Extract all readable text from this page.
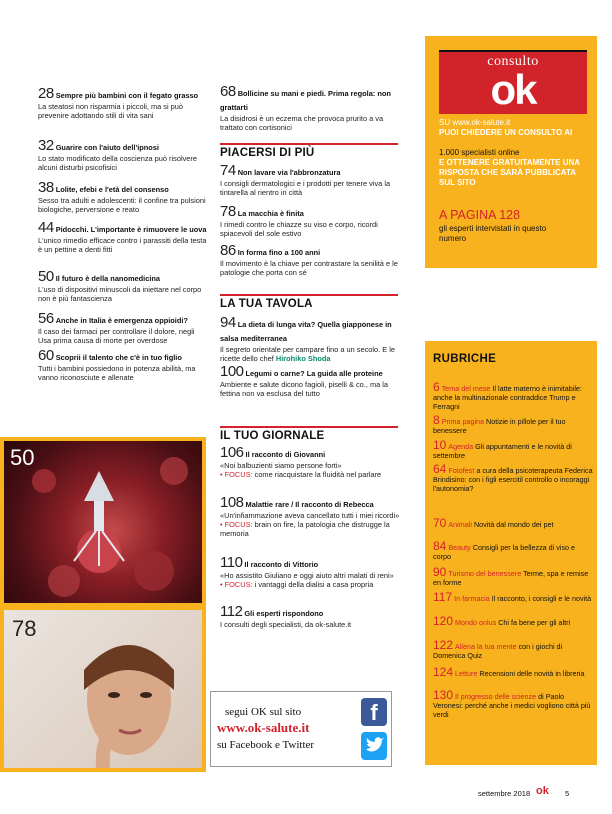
28 Sempre più bambini con il fegato grasso
La steatosi non risparmia i piccoli, ma si può prevenire adottando stili di vita sani
32 Guarire con l'aiuto dell'ipnosi
Lo stato modificato della coscienza può risolvere alcuni disturbi psicofisici
38 Lolite, efebi e l'età del consenso
Sesso tra adulti e adolescenti: il confine tra pulsioni biologiche, perversione e reato
44 Pidocchi. L'importante è rimuovere le uova
L'unico rimedio efficace contro i parassiti della testa è un pettine a denti fitti
50 Il futuro è della nanomedicina
L'uso di dispositivi minuscoli da iniettare nel corpo non è più fantascienza
56 Anche in Italia è emergenza oppioidi?
Il caso dei farmaci per controllare il dolore, negli Usa prima causa di morte per overdose
60 Scoprii il talento che c'è in tuo figlio
Tutti i bambini possiedono in potenza abilità, ma vanno riconosciute e allenate
50
78
68 Bollicine su mani e piedi. Prima regola: non grattarti
La disidrosi è un eczema che provoca prurito a va trattato con cortisonici
PIACERSI DI PIÙ
74 Non lavare via l'abbronzatura
I consigli dermatologici e i prodotti per tenere viva la tintarella al rientro in città
78 La macchia è finita
I rimedi contro le chiazze su viso e corpo, ricordi spiacevoli del sole estivo
86 In forma fino a 100 anni
Il movimento è la chiave per contrastare la senilità e le patologie che porta con sé
LA TUA TAVOLA
94 La dieta di lunga vita? Quella giapponese in salsa mediterranea
Il segreto orientale per campare fino a un secolo. E le ricette dello chef Hirohiko Shoda
100 Legumi o carne? La guida alle proteine
Ambiente e salute dicono fagioli, piselli & co., ma la fettina non va esclusa del tutto
IL TUO GIORNALE
106 Il racconto di Giovanni
«Noi balbuzienti siamo persone forti»
• FOCUS: come riacquistare la fluidità nel parlare
108 Malattie rare / Il racconto di Rebecca
«Un'infiammazione aveva cancellato tutti i miei ricordi»
• FOCUS: brain on fire, la patologia che distrugge la memoria
110 Il racconto di Vittorio
«Ho assistito Giuliano e oggi aiuto altri malati di reni»
• FOCUS: i vantaggi della dialisi a casa propria
112 Gli esperti rispondono
I consulti degli specialisti, da ok-salute.it
segui OK sul sito
www.ok-salute.it
su Facebook e Twitter
f
consulto
ok
SU www.ok-salute.it
PUOI CHIEDERE UN CONSULTO AI
1.000 specialisti online
E OTTENERE GRATUITAMENTE UNA RISPOSTA CHE SARÀ PUBBLICATA SUL SITO
A PAGINA 128
gli esperti intervistati in questo numero
RUBRICHE
6 Tema del mese Il latte materno è inimitabile: anche la multinazionale contraddice Trump e Ferragni
8 Prima pagina Notizie in pillole per il tuo benessere
10 Agenda Gli appuntamenti e le novità di settembre
64 Fotofest a cura della psicoterapeuta Federica Brindisino: con i figli esercitil controllo o incoraggi l'autonomia?
70 Animali Novità dal mondo dei pet
84 Beauty Consigli per la bellezza di viso e corpo
90 Turismo del benessere Terme, spa e remise en forme
117 In farmacia Il racconto, i consigli e le novità
120 Mondo onlus Chi fa bene per gli altri
122 Allena la tua mente con i giochi di Domenica Quiz
124 Letture Recensioni delle novità in libreria
130 Il progresso delle scienze di Paolo Veronesi: perché anche i medici vogliono città più verdi
settembre 2018 ok 5
